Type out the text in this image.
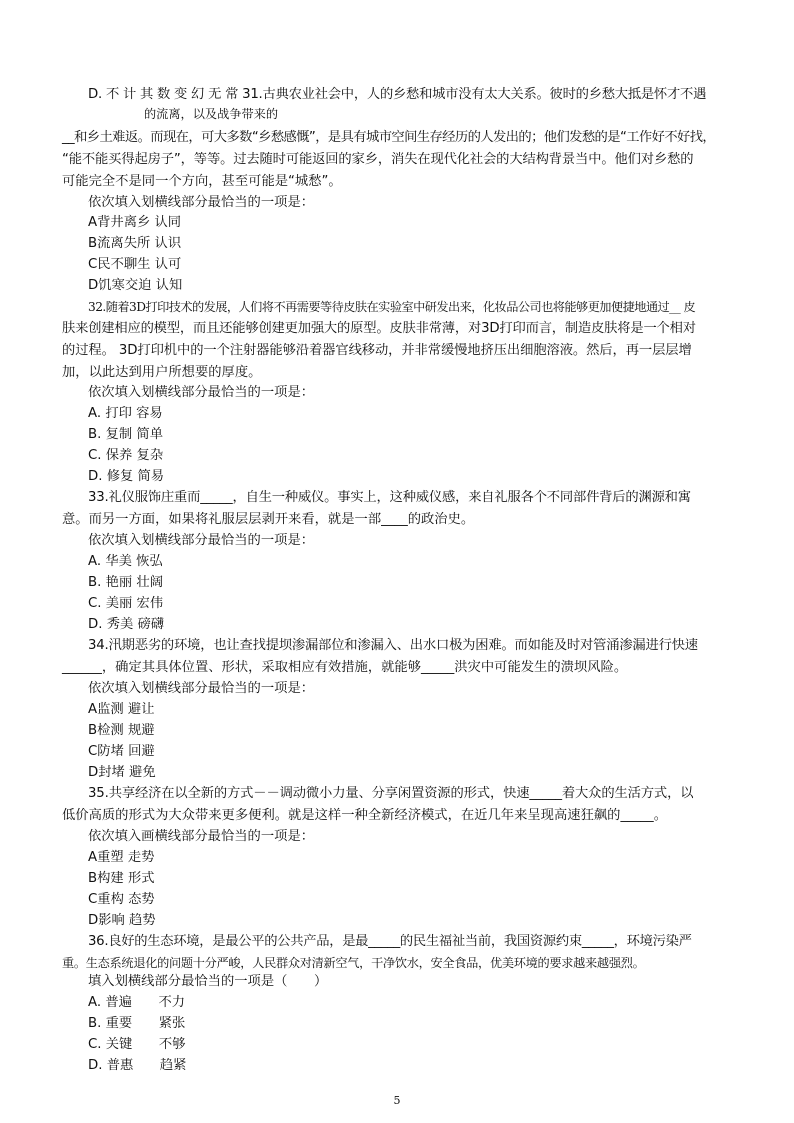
D. 不 计 其 数 变 幻 无 常 31.古典农业社会中，人的乡愁和城市没有太大关系。彼时的乡愁大抵是怀才不遇
的流离，以及战争带来的
__和乡土难返。而现在，可大多数“乡愁感慨”，是具有城市空间生存经历的人发出的；他们发愁的是“工作好不好找，
“能不能买得起房子”，等等。过去随时可能返回的家乡，消失在现代化社会的大结构背景当中。他们对乡愁的
可能完全不是同一个方向，甚至可能是“城愁”。
依次填入划横线部分最恰当的一项是：
A背井离乡 认同
B流离失所 认识
C民不聊生 认可
D饥寒交迫 认知
32.随着3D打印技术的发展，人们将不再需要等待皮肤在实验室中研发出来，化妆品公司也将能够更加便捷地通过__ 皮
肤来创建相应的模型，而且还能够创建更加强大的原型。皮肤非常薄，对3D打印而言，制造皮肤将是一个相对
的过程。 3D打印机中的一个注射器能够沿着器官线移动，并非常缓慢地挤压出细胞溶液。然后，再一层层增
加，以此达到用户所想要的厚度。
依次填入划横线部分最恰当的一项是：
A. 打印 容易
B. 复制 简单
C. 保养 复杂
D. 修复 简易
33.礼仪服饰庄重而_____，自生一种威仪。事实上，这种威仪感，来自礼服各个不同部件背后的渊源和寓
意。而另一方面，如果将礼服层层剥开来看，就是一部____的政治史。
依次填入划横线部分最恰当的一项是：
A. 华美 恢弘
B. 艳丽 壮阔
C. 美丽 宏伟
D. 秀美 磅礴
34.汛期恶劣的环境，也让查找提坝渗漏部位和渗漏入、出水口极为困难。而如能及时对管涌渗漏进行快速
______，确定其具体位置、形状，采取相应有效措施，就能够_____洪灾中可能发生的溃坝风险。
依次填入划横线部分最恰当的一项是：
A监测 避让
B检测 规避
C防堵 回避
D封堵 避免
35.共享经济在以全新的方式－－调动微小力量、分享闲置资源的形式，快速_____着大众的生活方式，以
低价高质的形式为大众带来更多便利。就是这样一种全新经济模式，在近几年来呈现高速狂飙的_____。
依次填入画横线部分最恰当的一项是：
A重塑 走势
B构建 形式
C重构 态势
D影响 趋势
36.良好的生态环境，是最公平的公共产品，是最_____的民生福祉当前，我国资源约束_____，环境污染严
重。生态系统退化的问题十分严峻，人民群众对清新空气，干净饮水，安全食品，优美环境的要求越来越强烈。
填入划横线部分最恰当的一项是（　　）
A. 普遍　　不力
B. 重要　　紧张
C. 关键　　不够
D. 普惠　　趋紧
5
